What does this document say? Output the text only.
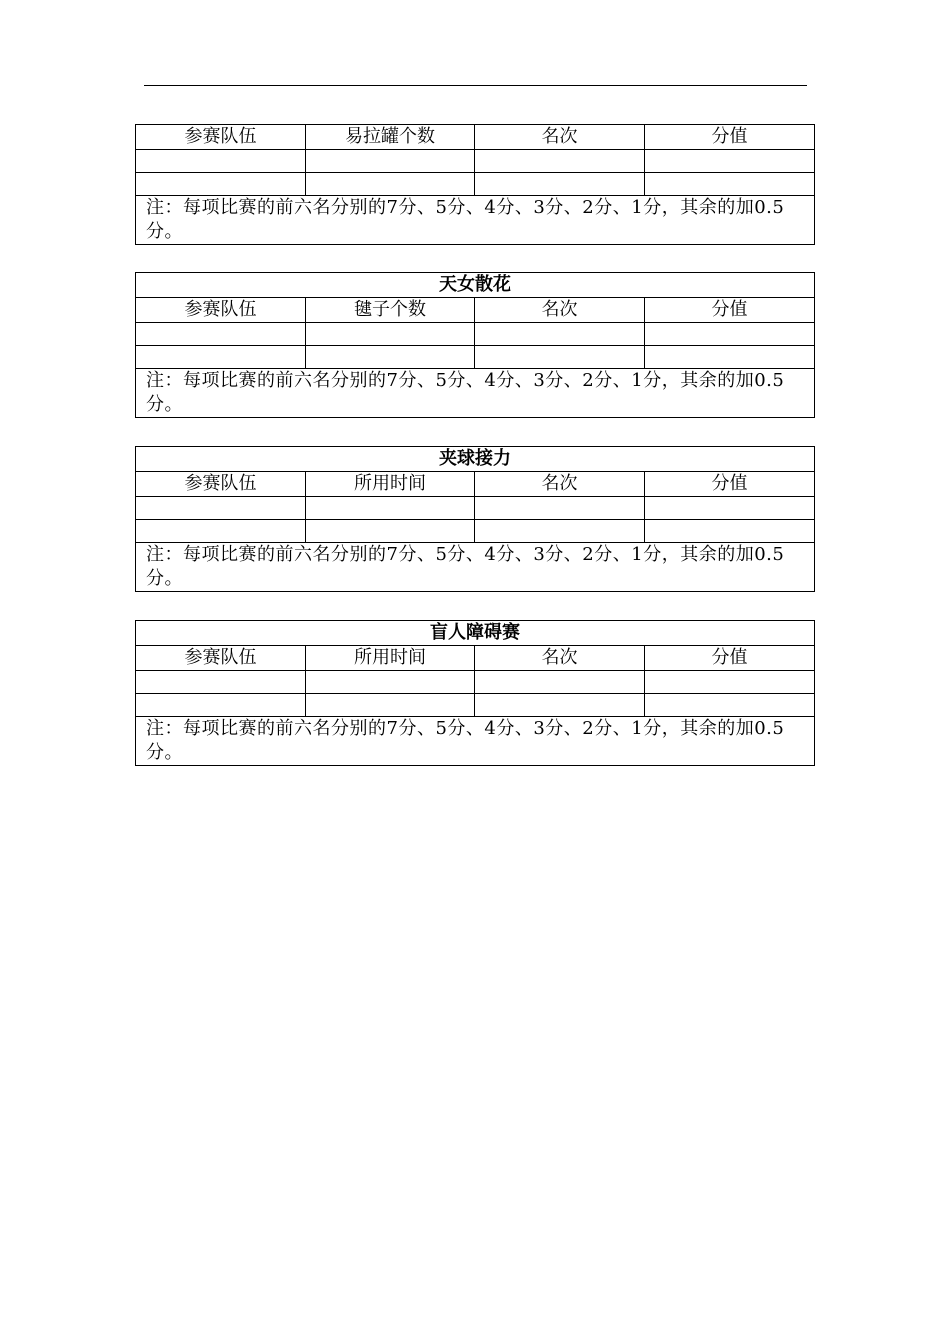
参赛队伍	易拉罐个数	名次	分值

注：每项比赛的前六名分别的7分、5分、4分、3分、2分、1分，其余的加0.5分。			
天女散花			
参赛队伍	毽子个数	名次	分值

注：每项比赛的前六名分别的7分、5分、4分、3分、2分、1分，其余的加0.5分。			
夹球接力			
参赛队伍	所用时间	名次	分值

注：每项比赛的前六名分别的7分、5分、4分、3分、2分、1分，其余的加0.5分。			
盲人障碍赛			
参赛队伍	所用时间	名次	分值

注：每项比赛的前六名分别的7分、5分、4分、3分、2分、1分，其余的加0.5分。			
